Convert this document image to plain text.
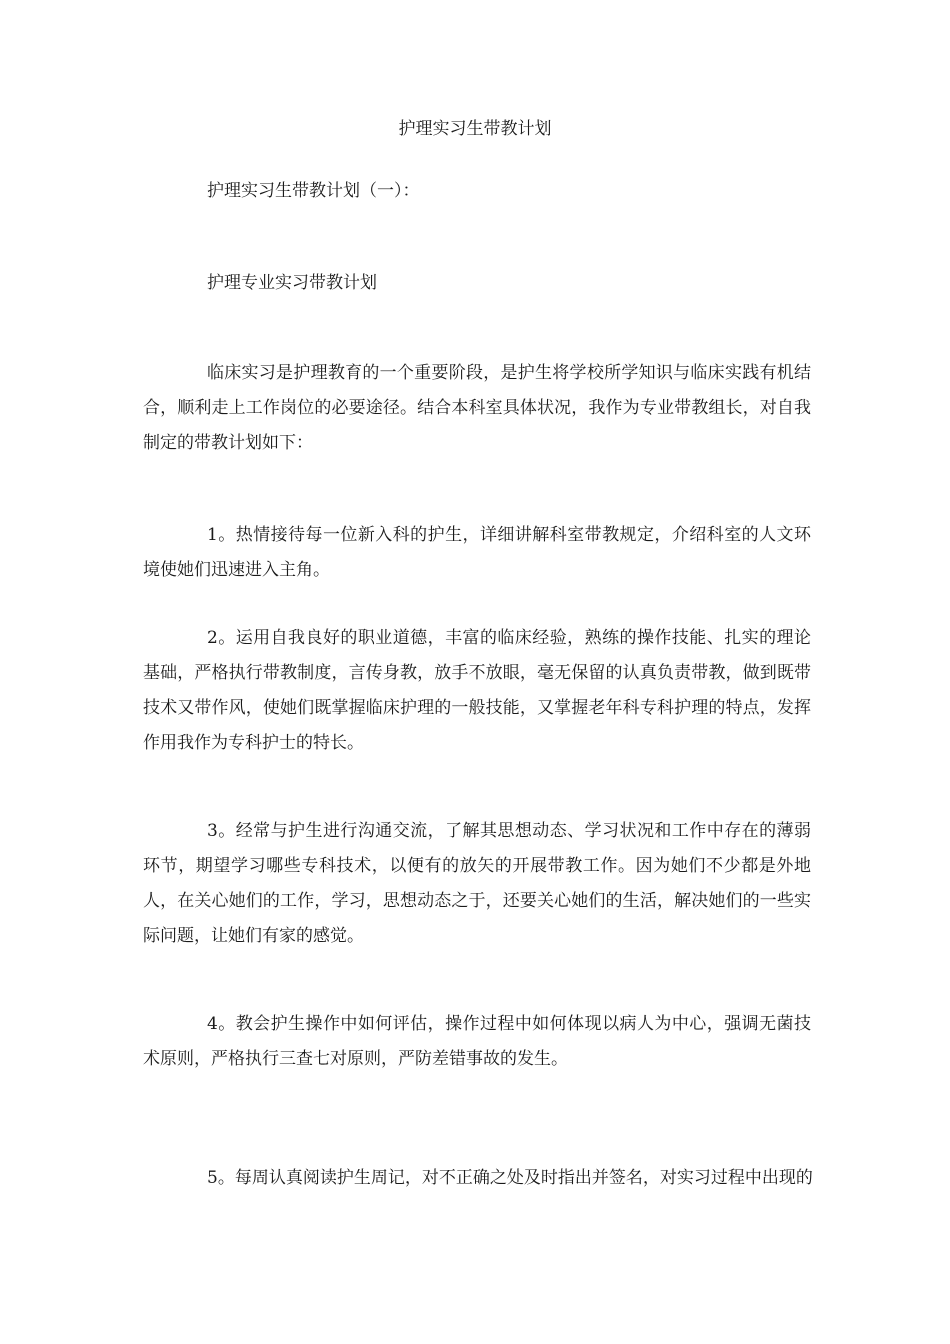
护理实习生带教计划

护理实习生带教计划（一）：

护理专业实习带教计划

临床实习是护理教育的一个重要阶段，是护生将学校所学知识与临床实践有机结合，顺利走上工作岗位的必要途径。结合本科室具体状况，我作为专业带教组长，对自我制定的带教计划如下：

1。热情接待每一位新入科的护生，详细讲解科室带教规定，介绍科室的人文环境使她们迅速进入主角。

2。运用自我良好的职业道德，丰富的临床经验，熟练的操作技能、扎实的理论基础，严格执行带教制度，言传身教，放手不放眼，毫无保留的认真负责带教，做到既带技术又带作风，使她们既掌握临床护理的一般技能，又掌握老年科专科护理的特点，发挥作用我作为专科护士的特长。

3。经常与护生进行沟通交流，了解其思想动态、学习状况和工作中存在的薄弱环节，期望学习哪些专科技术，以便有的放矢的开展带教工作。因为她们不少都是外地人，在关心她们的工作，学习，思想动态之于，还要关心她们的生活，解决她们的一些实际问题，让她们有家的感觉。

4。教会护生操作中如何评估，操作过程中如何体现以病人为中心，强调无菌技术原则，严格执行三查七对原则，严防差错事故的发生。

5。每周认真阅读护生周记，对不正确之处及时指出并签名，对实习过程中出现的
